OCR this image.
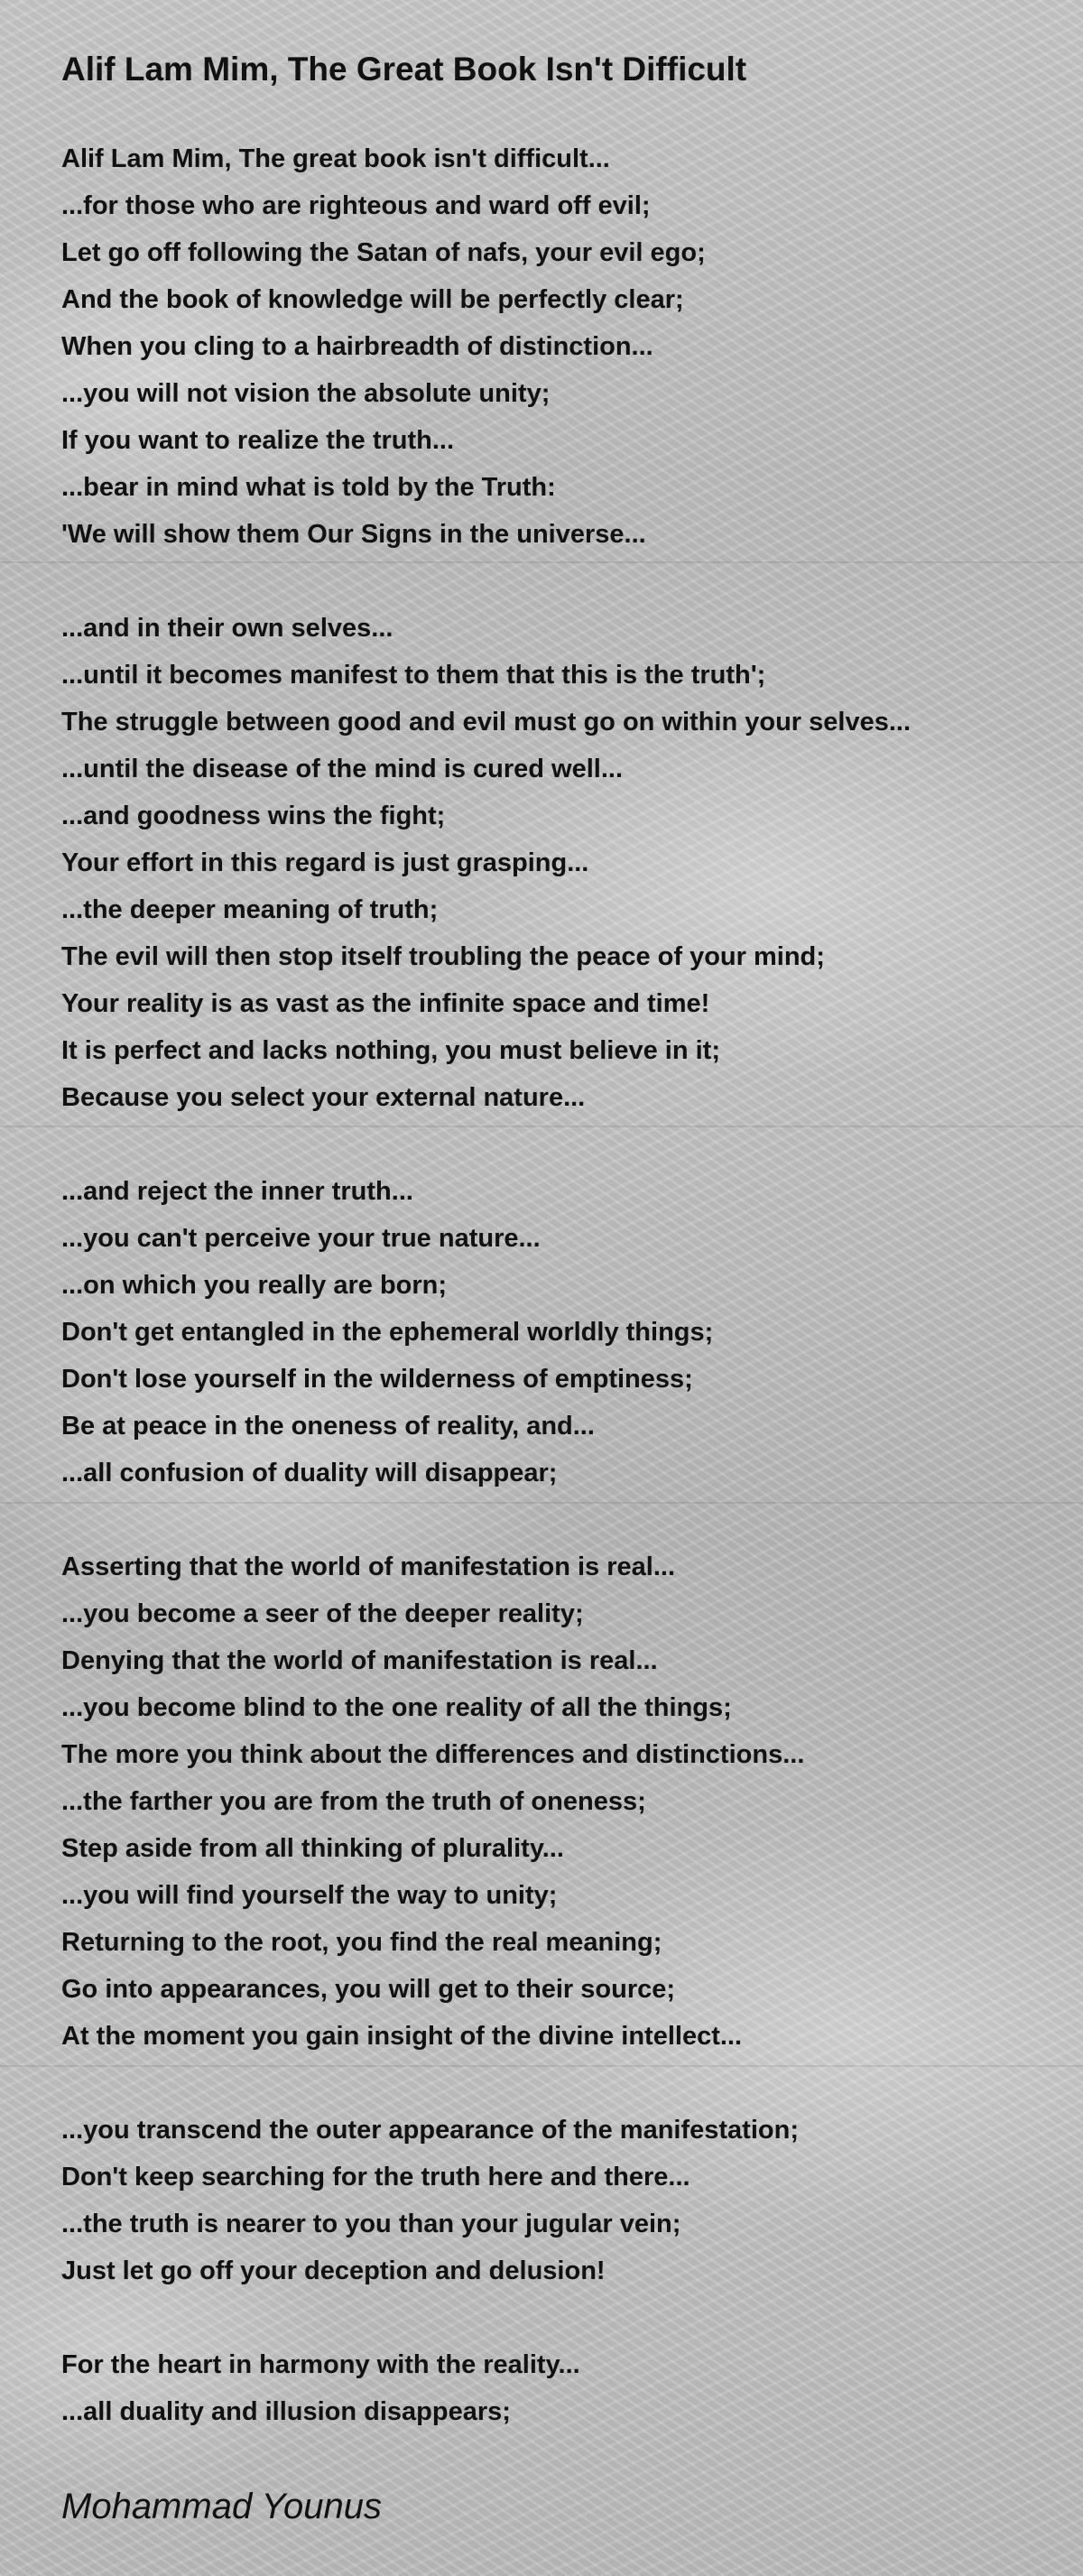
Alif Lam Mim, The Great Book Isn't Difficult
Alif Lam Mim, The great book isn't difficult...
...for those who are righteous and ward off evil;
Let go off following the Satan of nafs, your evil ego;
And the book of knowledge will be perfectly clear;
When you cling to a hairbreadth of distinction...
...you will not vision the absolute unity;
If you want to realize the truth...
...bear in mind what is told by the Truth:
'We will show them Our Signs in the universe...

...and in their own selves...
...until it becomes manifest to them that this is the truth';
The struggle between good and evil must go on within your selves...
...until the disease of the mind is cured well...
...and goodness wins the fight;
Your effort in this regard is just grasping...
...the deeper meaning of truth;
The evil will then stop itself troubling the peace of your mind;
Your reality is as vast as the infinite space and time!
It is perfect and lacks nothing, you must believe in it;
Because you select your external nature...

...and reject the inner truth...
...you can't perceive your true nature...
...on which you really are born;
Don't get entangled in the ephemeral worldly things;
Don't lose yourself in the wilderness of emptiness;
Be at peace in the oneness of reality, and...
...all confusion of duality will disappear;

Asserting that the world of manifestation is real...
...you become a seer of the deeper reality;
Denying that the world of manifestation is real...
...you become blind to the one reality of all the things;
The more you think about the differences and distinctions...
...the farther you are from the truth of oneness;
Step aside from all thinking of plurality...
...you will find yourself the way to unity;
Returning to the root, you find the real meaning;
Go into appearances, you will get to their source;
At the moment you gain insight of the divine intellect...

...you transcend the outer appearance of the manifestation;
Don't keep searching for the truth here and there...
...the truth is nearer to you than your jugular vein;
Just let go off your deception and delusion!

For the heart in harmony with the reality...
...all duality and illusion disappears;
Mohammad Younus
